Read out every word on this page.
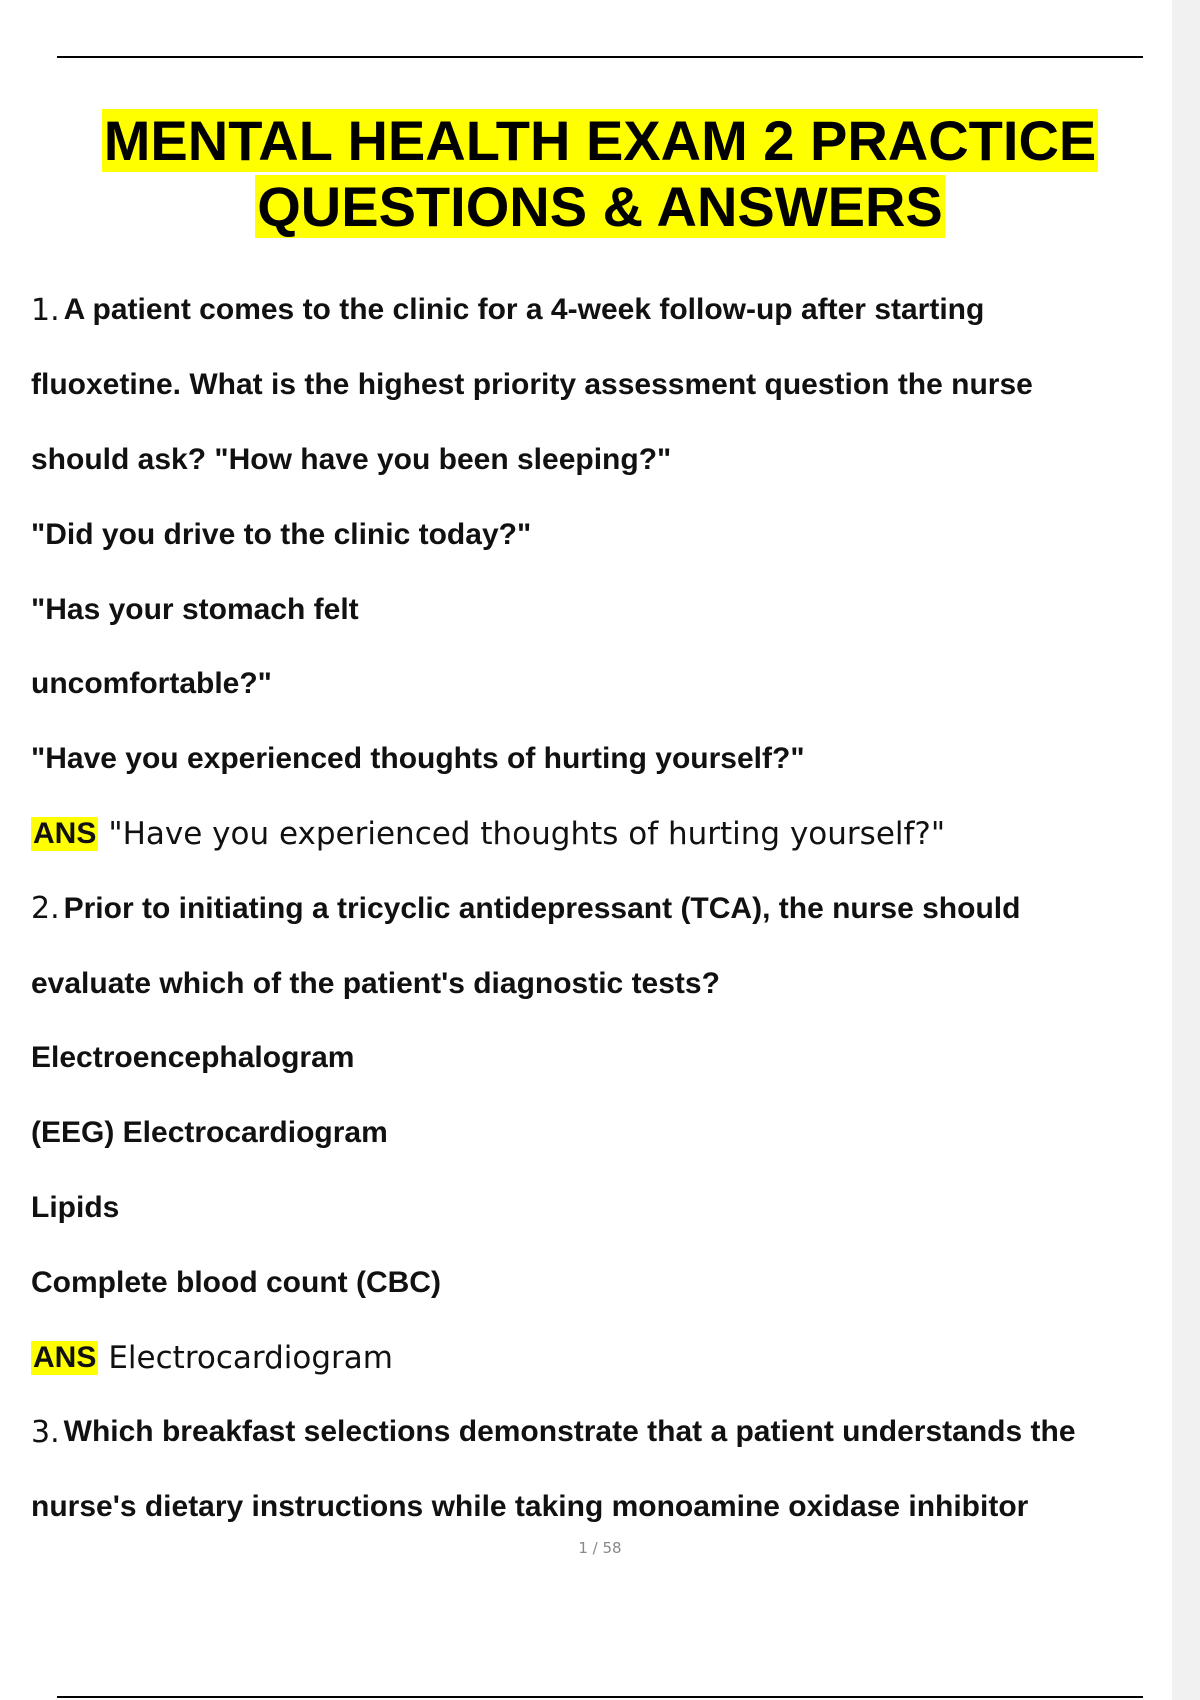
MENTAL HEALTH EXAM 2 PRACTICE
QUESTIONS & ANSWERS
1. A patient comes to the clinic for a 4-week follow-up after starting
fluoxetine. What is the highest priority assessment question the nurse
should ask? "How have you been sleeping?"
"Did you drive to the clinic today?"
"Has your stomach felt
uncomfortable?"
"Have you experienced thoughts of hurting yourself?"
ANS "Have you experienced thoughts of hurting yourself?"
2. Prior to initiating a tricyclic antidepressant (TCA), the nurse should
evaluate which of the patient's diagnostic tests?
Electroencephalogram
(EEG) Electrocardiogram
Lipids
Complete blood count (CBC)
ANS Electrocardiogram
3. Which breakfast selections demonstrate that a patient understands the
nurse's dietary instructions while taking monoamine oxidase inhibitor
1 / 58
